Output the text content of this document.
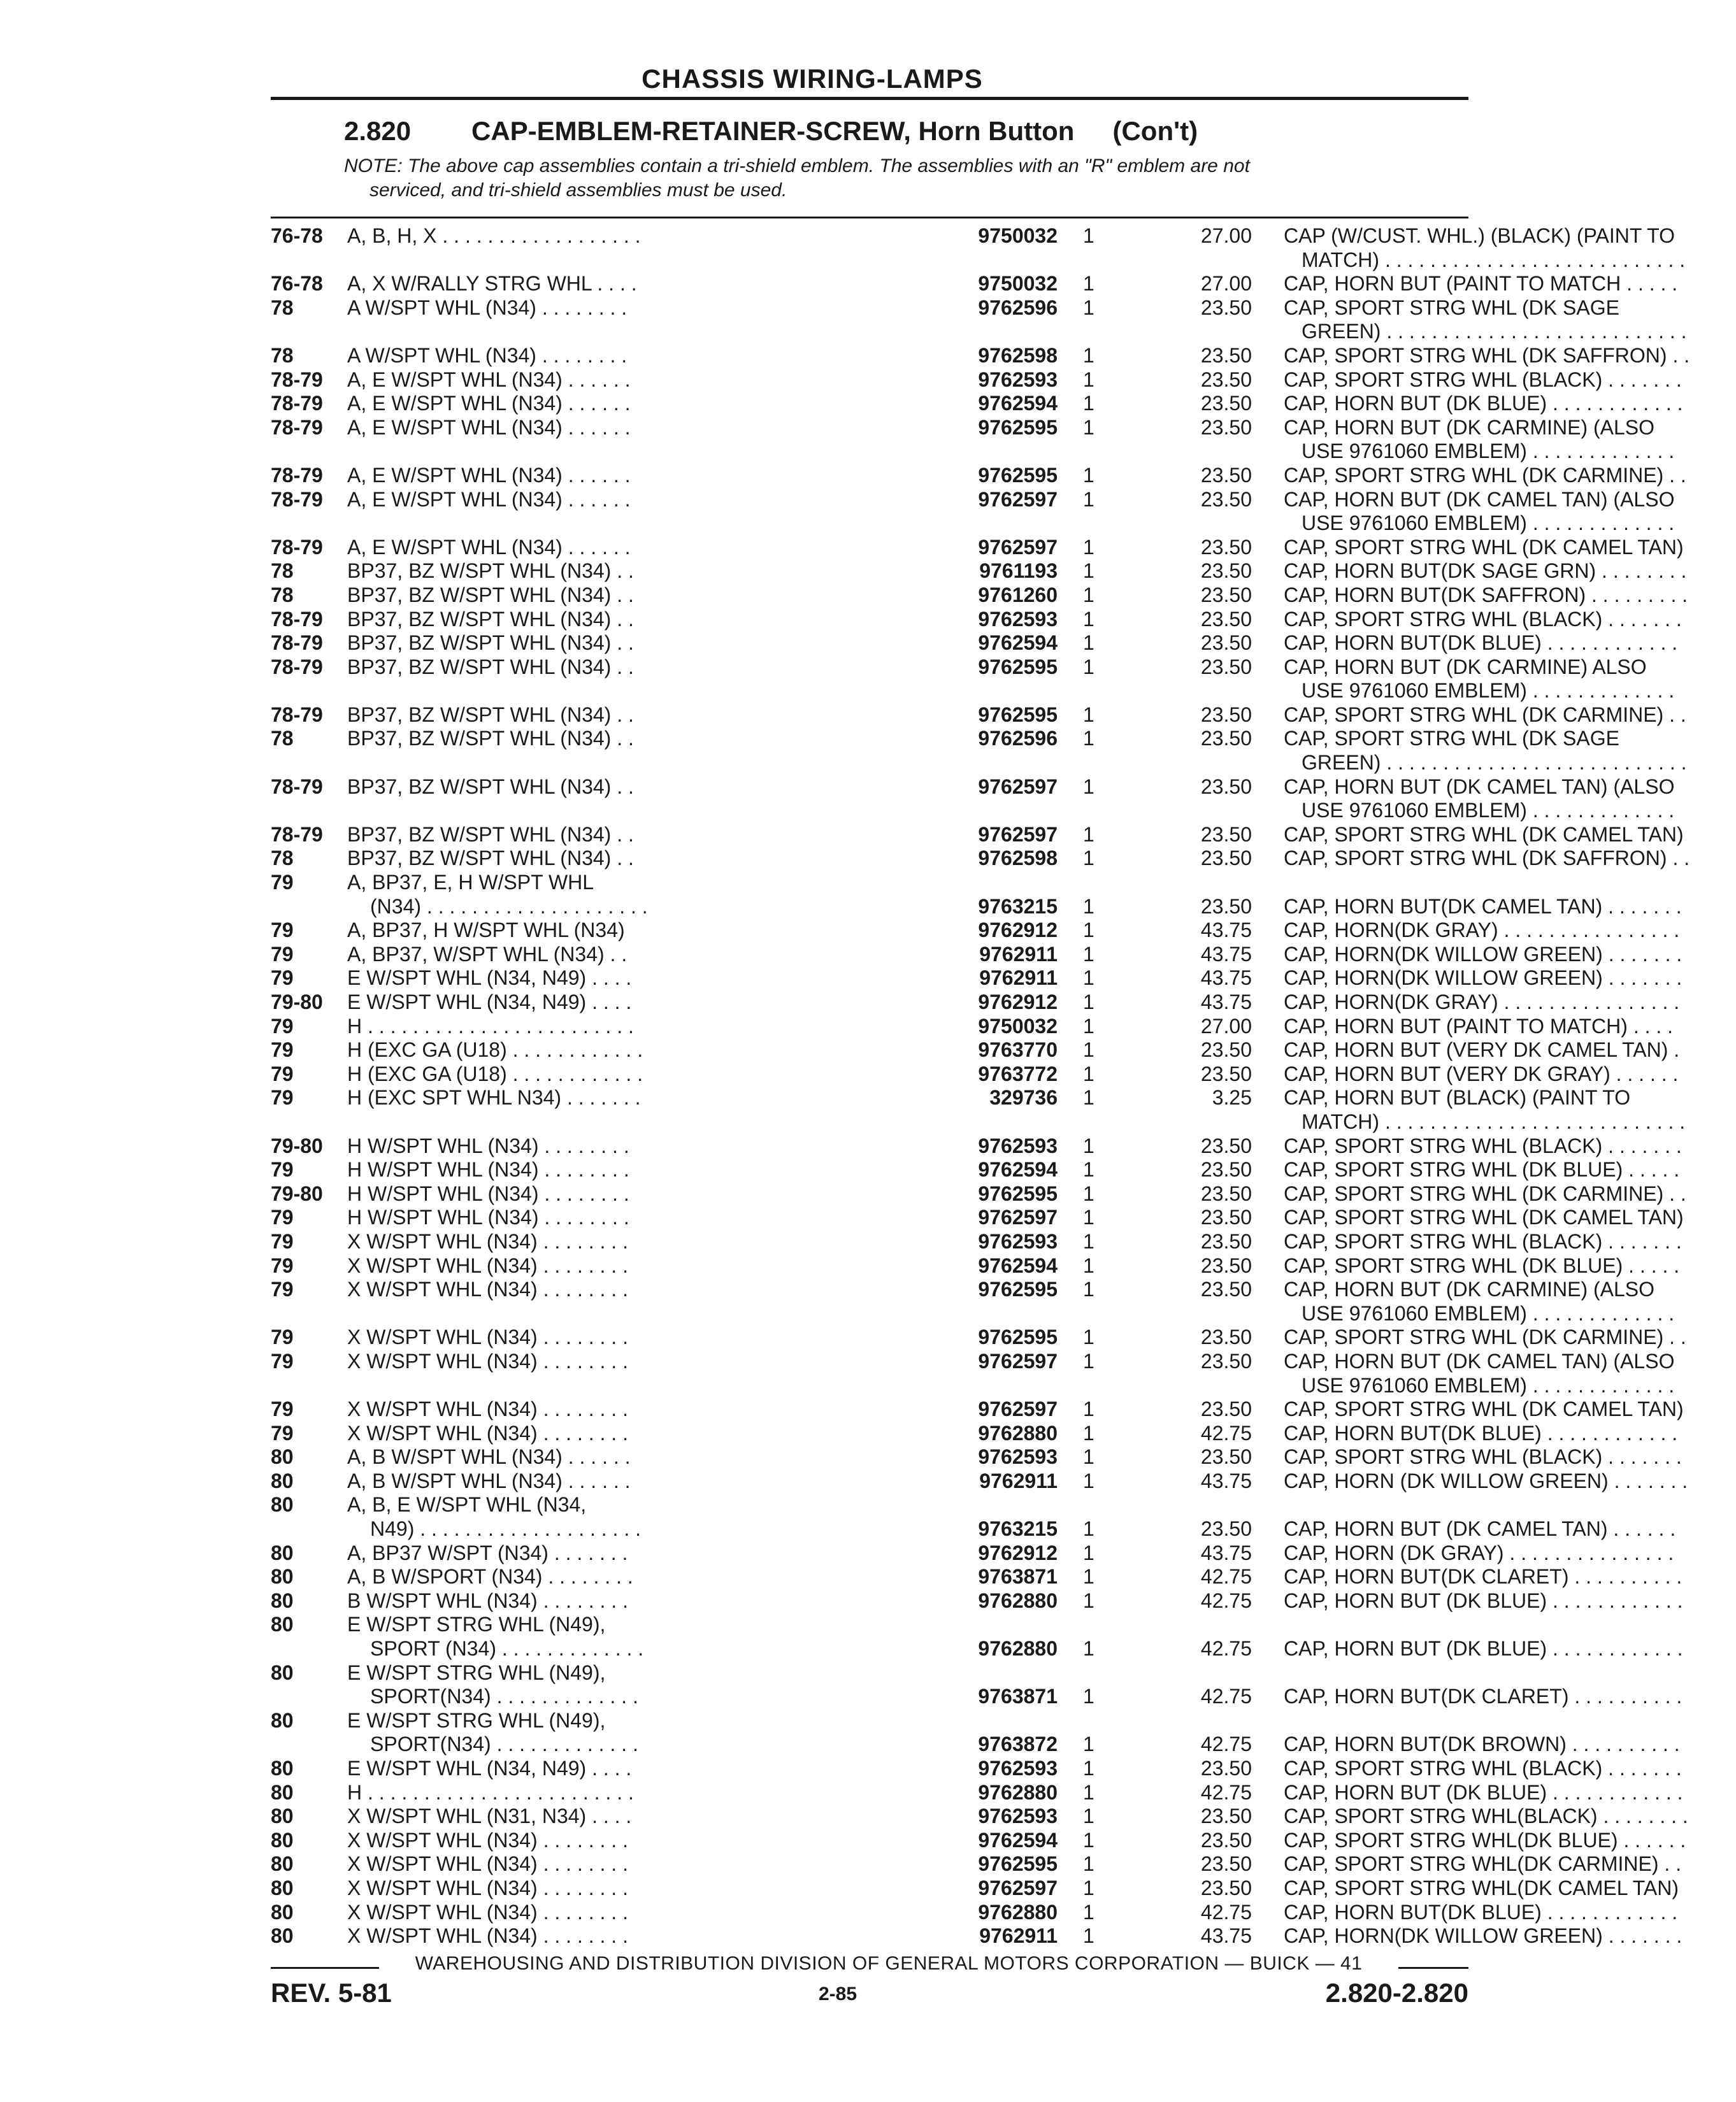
CHASSIS WIRING-LAMPS
2.820 CAP-EMBLEM-RETAINER-SCREW, Horn Button (Con't)
NOTE: The above cap assemblies contain a tri-shield emblem. The assemblies with an "R" emblem are not
serviced, and tri-shield assemblies must be used.
76-78	A, B, H, X . . . . . . . . . . . . . . . . . .	9750032 1	27.00 CAP (W/CUST. WHL.) (BLACK) (PAINT TO
MATCH) . . . . . . . . . . . . . . . . . . . . . . . . . . .
76-78	A, X W/RALLY STRG WHL . . . .	9750032 1	27.00 CAP, HORN BUT (PAINT TO MATCH . . . . .
78	A W/SPT WHL (N34) . . . . . . . .	9762596 1	23.50 CAP, SPORT STRG WHL (DK SAGE
GREEN) . . . . . . . . . . . . . . . . . . . . . . . . . . .
78	A W/SPT WHL (N34) . . . . . . . .	9762598 1	23.50 CAP, SPORT STRG WHL (DK SAFFRON) . .
78-79	A, E W/SPT WHL (N34) . . . . . .	9762593 1	23.50 CAP, SPORT STRG WHL (BLACK) . . . . . . .
78-79	A, E W/SPT WHL (N34) . . . . . .	9762594 1	23.50 CAP, HORN BUT (DK BLUE) . . . . . . . . . . . .
78-79	A, E W/SPT WHL (N34) . . . . . .	9762595 1	23.50 CAP, HORN BUT (DK CARMINE) (ALSO
USE 9761060 EMBLEM) . . . . . . . . . . . . .
78-79	A, E W/SPT WHL (N34) . . . . . .	9762595 1	23.50 CAP, SPORT STRG WHL (DK CARMINE) . .
78-79	A, E W/SPT WHL (N34) . . . . . .	9762597 1	23.50 CAP, HORN BUT (DK CAMEL TAN) (ALSO
USE 9761060 EMBLEM) . . . . . . . . . . . . .
78-79	A, E W/SPT WHL (N34) . . . . . .	9762597 1	23.50 CAP, SPORT STRG WHL (DK CAMEL TAN)
78	BP37, BZ W/SPT WHL (N34) . .	9761193 1	23.50 CAP, HORN BUT(DK SAGE GRN) . . . . . . . .
78	BP37, BZ W/SPT WHL (N34) . .	9761260 1	23.50 CAP, HORN BUT(DK SAFFRON) . . . . . . . . .
78-79	BP37, BZ W/SPT WHL (N34) . .	9762593 1	23.50 CAP, SPORT STRG WHL (BLACK) . . . . . . .
78-79	BP37, BZ W/SPT WHL (N34) . .	9762594 1	23.50 CAP, HORN BUT(DK BLUE) . . . . . . . . . . . .
78-79	BP37, BZ W/SPT WHL (N34) . .	9762595 1	23.50 CAP, HORN BUT (DK CARMINE) ALSO
USE 9761060 EMBLEM) . . . . . . . . . . . . .
78-79	BP37, BZ W/SPT WHL (N34) . .	9762595 1	23.50 CAP, SPORT STRG WHL (DK CARMINE) . .
78	BP37, BZ W/SPT WHL (N34) . .	9762596 1	23.50 CAP, SPORT STRG WHL (DK SAGE
GREEN) . . . . . . . . . . . . . . . . . . . . . . . . . . .
78-79	BP37, BZ W/SPT WHL (N34) . .	9762597 1	23.50 CAP, HORN BUT (DK CAMEL TAN) (ALSO
USE 9761060 EMBLEM) . . . . . . . . . . . . .
78-79	BP37, BZ W/SPT WHL (N34) . .	9762597 1	23.50 CAP, SPORT STRG WHL (DK CAMEL TAN)
78	BP37, BZ W/SPT WHL (N34) . .	9762598 1	23.50 CAP, SPORT STRG WHL (DK SAFFRON) . .
79	A, BP37, E, H W/SPT WHL
(N34) . . . . . . . . . . . . . . . . . . . .	9763215 1	23.50 CAP, HORN BUT(DK CAMEL TAN) . . . . . . .
79	A, BP37, H W/SPT WHL (N34)	9762912 1	43.75 CAP, HORN(DK GRAY) . . . . . . . . . . . . . . . .
79	A, BP37, W/SPT WHL (N34) . .	9762911 1	43.75 CAP, HORN(DK WILLOW GREEN) . . . . . . .
79	E W/SPT WHL (N34, N49) . . . .	9762911 1	43.75 CAP, HORN(DK WILLOW GREEN) . . . . . . .
79-80	E W/SPT WHL (N34, N49) . . . .	9762912 1	43.75 CAP, HORN(DK GRAY) . . . . . . . . . . . . . . . .
79	H . . . . . . . . . . . . . . . . . . . . . . . .	9750032 1	27.00 CAP, HORN BUT (PAINT TO MATCH) . . . .
79	H (EXC GA (U18) . . . . . . . . . . . .	9763770 1	23.50 CAP, HORN BUT (VERY DK CAMEL TAN) .
79	H (EXC GA (U18) . . . . . . . . . . . .	9763772 1	23.50 CAP, HORN BUT (VERY DK GRAY) . . . . . .
79	H (EXC SPT WHL N34) . . . . . . .	329736 1	3.25 CAP, HORN BUT (BLACK) (PAINT TO
MATCH) . . . . . . . . . . . . . . . . . . . . . . . . . . .
79-80	H W/SPT WHL (N34) . . . . . . . .	9762593 1	23.50 CAP, SPORT STRG WHL (BLACK) . . . . . . .
79	H W/SPT WHL (N34) . . . . . . . .	9762594 1	23.50 CAP, SPORT STRG WHL (DK BLUE) . . . . .
79-80	H W/SPT WHL (N34) . . . . . . . .	9762595 1	23.50 CAP, SPORT STRG WHL (DK CARMINE) . .
79	H W/SPT WHL (N34) . . . . . . . .	9762597 1	23.50 CAP, SPORT STRG WHL (DK CAMEL TAN)
79	X W/SPT WHL (N34) . . . . . . . .	9762593 1	23.50 CAP, SPORT STRG WHL (BLACK) . . . . . . .
79	X W/SPT WHL (N34) . . . . . . . .	9762594 1	23.50 CAP, SPORT STRG WHL (DK BLUE) . . . . .
79	X W/SPT WHL (N34) . . . . . . . .	9762595 1	23.50 CAP, HORN BUT (DK CARMINE) (ALSO
USE 9761060 EMBLEM) . . . . . . . . . . . . .
79	X W/SPT WHL (N34) . . . . . . . .	9762595 1	23.50 CAP, SPORT STRG WHL (DK CARMINE) . .
79	X W/SPT WHL (N34) . . . . . . . .	9762597 1	23.50 CAP, HORN BUT (DK CAMEL TAN) (ALSO
USE 9761060 EMBLEM) . . . . . . . . . . . . .
79	X W/SPT WHL (N34) . . . . . . . .	9762597 1	23.50 CAP, SPORT STRG WHL (DK CAMEL TAN)
79	X W/SPT WHL (N34) . . . . . . . .	9762880 1	42.75 CAP, HORN BUT(DK BLUE) . . . . . . . . . . . .
80	A, B W/SPT WHL (N34) . . . . . .	9762593 1	23.50 CAP, SPORT STRG WHL (BLACK) . . . . . . .
80	A, B W/SPT WHL (N34) . . . . . .	9762911 1	43.75 CAP, HORN (DK WILLOW GREEN) . . . . . . .
80	A, B, E W/SPT WHL (N34,
N49) . . . . . . . . . . . . . . . . . . . .	9763215 1	23.50 CAP, HORN BUT (DK CAMEL TAN) . . . . . .
80	A, BP37 W/SPT (N34) . . . . . . .	9762912 1	43.75 CAP, HORN (DK GRAY) . . . . . . . . . . . . . . .
80	A, B W/SPORT (N34) . . . . . . . .	9763871 1	42.75 CAP, HORN BUT(DK CLARET) . . . . . . . . . .
80	B W/SPT WHL (N34) . . . . . . . .	9762880 1	42.75 CAP, HORN BUT (DK BLUE) . . . . . . . . . . . .
80	E W/SPT STRG WHL (N49),
SPORT (N34) . . . . . . . . . . . . .	9762880 1	42.75 CAP, HORN BUT (DK BLUE) . . . . . . . . . . . .
80	E W/SPT STRG WHL (N49),
SPORT(N34) . . . . . . . . . . . . .	9763871 1	42.75 CAP, HORN BUT(DK CLARET) . . . . . . . . . .
80	E W/SPT STRG WHL (N49),
SPORT(N34) . . . . . . . . . . . . .	9763872 1	42.75 CAP, HORN BUT(DK BROWN) . . . . . . . . . .
80	E W/SPT WHL (N34, N49) . . . .	9762593 1	23.50 CAP, SPORT STRG WHL (BLACK) . . . . . . .
80	H . . . . . . . . . . . . . . . . . . . . . . . .	9762880 1	42.75 CAP, HORN BUT (DK BLUE) . . . . . . . . . . . .
80	X W/SPT WHL (N31, N34) . . . .	9762593 1	23.50 CAP, SPORT STRG WHL(BLACK) . . . . . . . .
80	X W/SPT WHL (N34) . . . . . . . .	9762594 1	23.50 CAP, SPORT STRG WHL(DK BLUE) . . . . . .
80	X W/SPT WHL (N34) . . . . . . . .	9762595 1	23.50 CAP, SPORT STRG WHL(DK CARMINE) . .
80	X W/SPT WHL (N34) . . . . . . . .	9762597 1	23.50 CAP, SPORT STRG WHL(DK CAMEL TAN)
80	X W/SPT WHL (N34) . . . . . . . .	9762880 1	42.75 CAP, HORN BUT(DK BLUE) . . . . . . . . . . . .
80	X W/SPT WHL (N34) . . . . . . . .	9762911 1	43.75 CAP, HORN(DK WILLOW GREEN) . . . . . . .
WAREHOUSING AND DISTRIBUTION DIVISION OF GENERAL MOTORS CORPORATION — BUICK — 41
REV. 5-81	2-85	2.820-2.820
